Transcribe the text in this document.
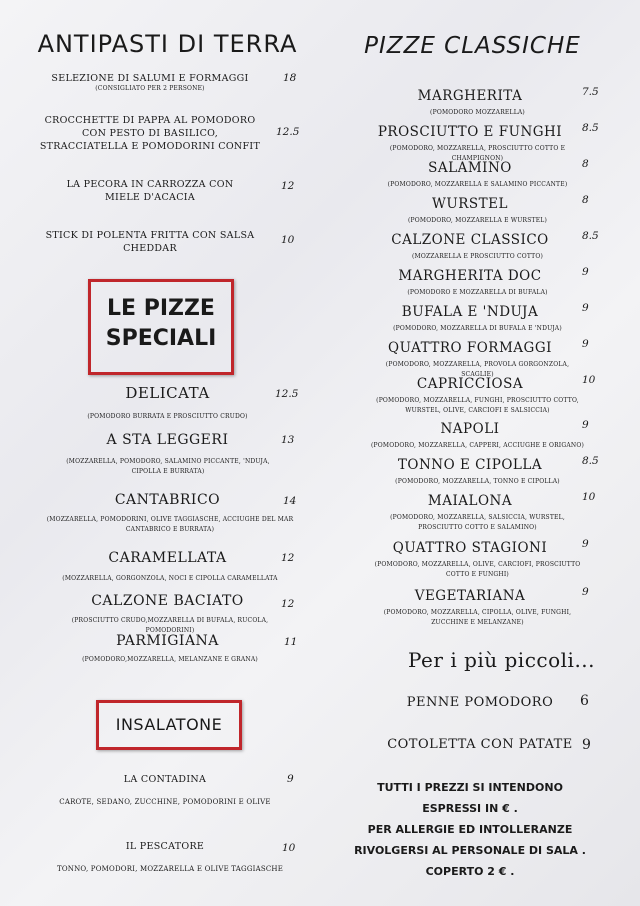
ANTIPASTI DI TERRA
SELEZIONE DI SALUMI E FORMAGGI
(CONSIGLIATO PER 2 PERSONE)
18
CROCCHETTE DI PAPPA AL POMODORO CON PESTO DI BASILICO, STRACCIATELLA E POMODORINI CONFIT
12.5
LA PECORA IN CARROZZA CON MIELE D'ACACIA
12
STICK DI POLENTA FRITTA CON SALSA CHEDDAR
10
LE PIZZE
SPECIALI
DELICATA	12.5
(POMODORO BURRATA E PROSCIUTTO CRUDO)
A STA LEGGERI	13
(MOZZARELLA, POMODORO, SALAMINO PICCANTE, 'NDUJA, CIPOLLA E BURRATA)
CANTABRICO	14
(MOZZARELLA, POMODORINI, OLIVE TAGGIASCHE, ACCIUGHE DEL MAR CANTABRICO E BURRATA)
CARAMELLATA	12
(MOZZARELLA, GORGONZOLA, NOCI E CIPOLLA CARAMELLATA
CALZONE BACIATO	12
(PROSCIUTTO CRUDO,MOZZARELLA DI BUFALA, RUCOLA, POMODORINI)
PARMIGIANA	11
(POMODORO,MOZZARELLA, MELANZANE E GRANA)
INSALATONE
LA CONTADINA	9
CAROTE, SEDANO, ZUCCHINE, POMODORINI E OLIVE
IL PESCATORE	10
TONNO, POMODORI, MOZZARELLA E OLIVE TAGGIASCHE
PIZZE CLASSICHE
MARGHERITA	7.5
(POMODORO MOZZARELLA)
PROSCIUTTO E FUNGHI	8.5
(POMODORO, MOZZARELLA, PROSCIUTTO COTTO E CHAMPIGNON)
SALAMINO	8
(POMODORO, MOZZARELLA E SALAMINO PICCANTE)
WURSTEL	8
(POMODORO, MOZZARELLA E WURSTEL)
CALZONE CLASSICO	8.5
(MOZZARELLA E PROSCIUTTO COTTO)
MARGHERITA DOC	9
(POMODORO E MOZZARELLA DI BUFALA)
BUFALA E 'NDUJA	9
(POMODORO, MOZZARELLA DI BUFALA E 'NDUJA)
QUATTRO FORMAGGI	9
(POMODORO, MOZZARELLA, PROVOLA GORGONZOLA, SCAGLIE)
CAPRICCIOSA	10
(POMODORO, MOZZARELLA, FUNGHI, PROSCIUTTO COTTO, WURSTEL, OLIVE, CARCIOFI E SALSICCIA)
NAPOLI	9
(POMODORO, MOZZARELLA, CAPPERI, ACCIUGHE E ORIGANO)
TONNO E CIPOLLA	8.5
(POMODORO, MOZZARELLA, TONNO E CIPOLLA)
MAIALONA	10
(POMODORO, MOZZARELLA, SALSICCIA, WURSTEL, PROSCIUTTO COTTO E SALAMINO)
QUATTRO STAGIONI	9
(POMODORO, MOZZARELLA, OLIVE, CARCIOFI, PROSCIUTTO COTTO E FUNGHI)
VEGETARIANA	9
(POMODORO, MOZZARELLA, CIPOLLA, OLIVE, FUNGHI, ZUCCHINE E MELANZANE)
Per i più piccoli...
PENNE POMODORO	6
COTOLETTA CON PATATE 9
TUTTI I PREZZI SI INTENDONO ESPRESSI IN € .
PER ALLERGIE ED INTOLLERANZE
RIVOLGERSI AL PERSONALE DI SALA .
COPERTO 2 € .
